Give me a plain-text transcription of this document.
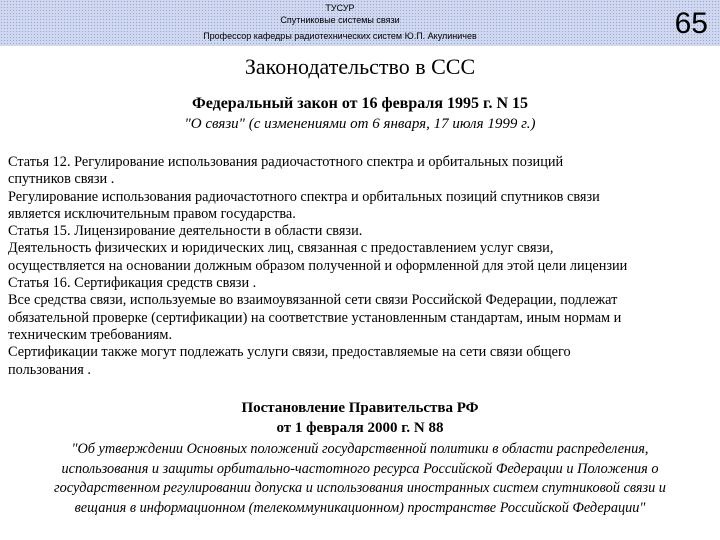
ТУСУР
Спутниковые системы связи
Профессор кафедры радиотехнических систем Ю.П. Акулиничев	65
Законодательство в ССС
Федеральный закон от 16 февраля 1995 г. N 15
"О связи" (с изменениями от 6 января, 17 июля 1999 г.)
Статья 12. Регулирование использования радиочастотного спектра и орбитальных позиций
спутников связи .
Регулирование использования радиочастотного спектра и орбитальных позиций спутников связи
является исключительным правом государства.
Статья 15. Лицензирование деятельности в области связи.
Деятельность физических и юридических лиц, связанная с предоставлением услуг связи,
осуществляется на основании должным образом полученной и оформленной для этой цели лицензии
Статья 16. Сертификация средств связи .
Все средства связи, используемые во взаимоувязанной сети связи Российской Федерации, подлежат
обязательной проверке (сертификации) на соответствие установленным стандартам, иным нормам и
техническим требованиям.
Сертификации также могут подлежать услуги связи, предоставляемые на сети связи общего
пользования .
Постановление Правительства РФ
от 1 февраля 2000 г. N 88
"Об утверждении Основных положений государственной политики в области распределения,
использования и защиты орбитально-частотного ресурса Российской Федерации и Положения о
государственном регулировании допуска и использования иностранных систем спутниковой связи и
вещания в информационном (телекоммуникационном) пространстве Российской Федерации"
